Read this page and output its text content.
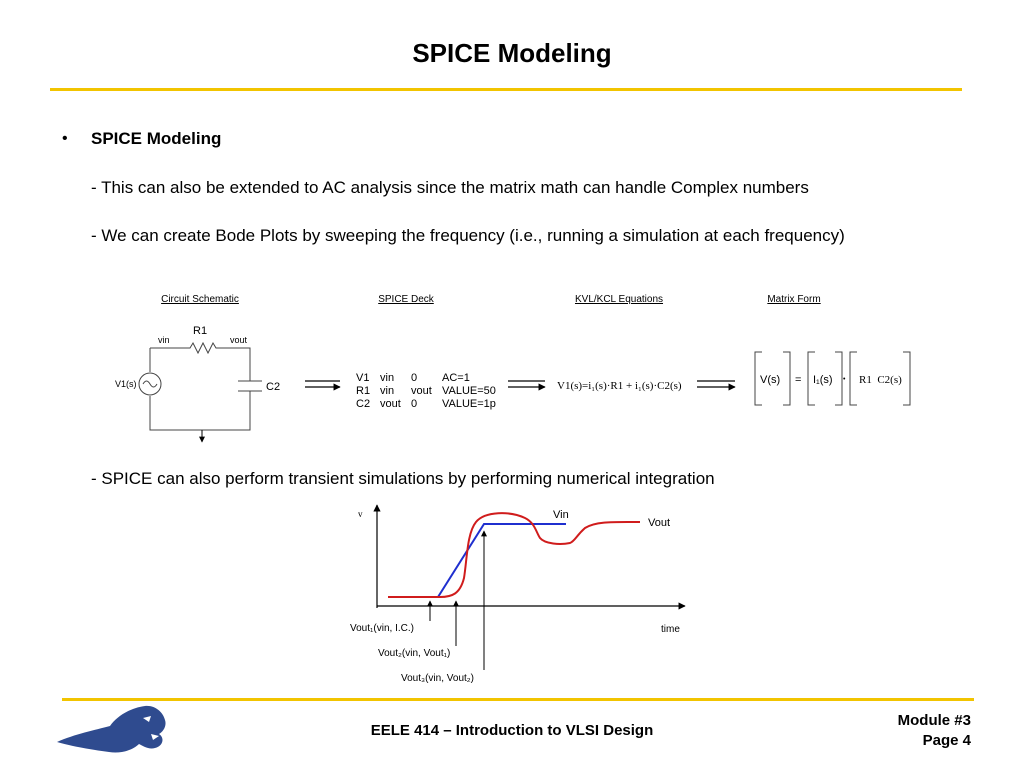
SPICE Modeling
• SPICE Modeling
- This can also be extended to AC analysis since the matrix math can handle Complex numbers
- We can create Bode Plots by sweeping the frequency (i.e., running a simulation at each frequency)
- SPICE can also perform transient simulations by performing numerical integration
Circuit Schematic	SPICE Deck	KVL/KCL Equations	Matrix Form
R1
vin	vout
V1(s)	C2
V1 vin 0 AC=1
R1 vin vout VALUE=50
C2 vout 0 VALUE=1p
V1(s)=i₁(s)·R1 + i₁(s)·C2(s)	V(s) = I₁(s) • R1  C2(s)
v
time
Vin
Vout
Vout₁(vin, I.C.)
Vout₂(vin, Vout₁)
Vout₃(vin, Vout₂)
EELE 414 – Introduction to VLSI Design
Module #3
Page 4
